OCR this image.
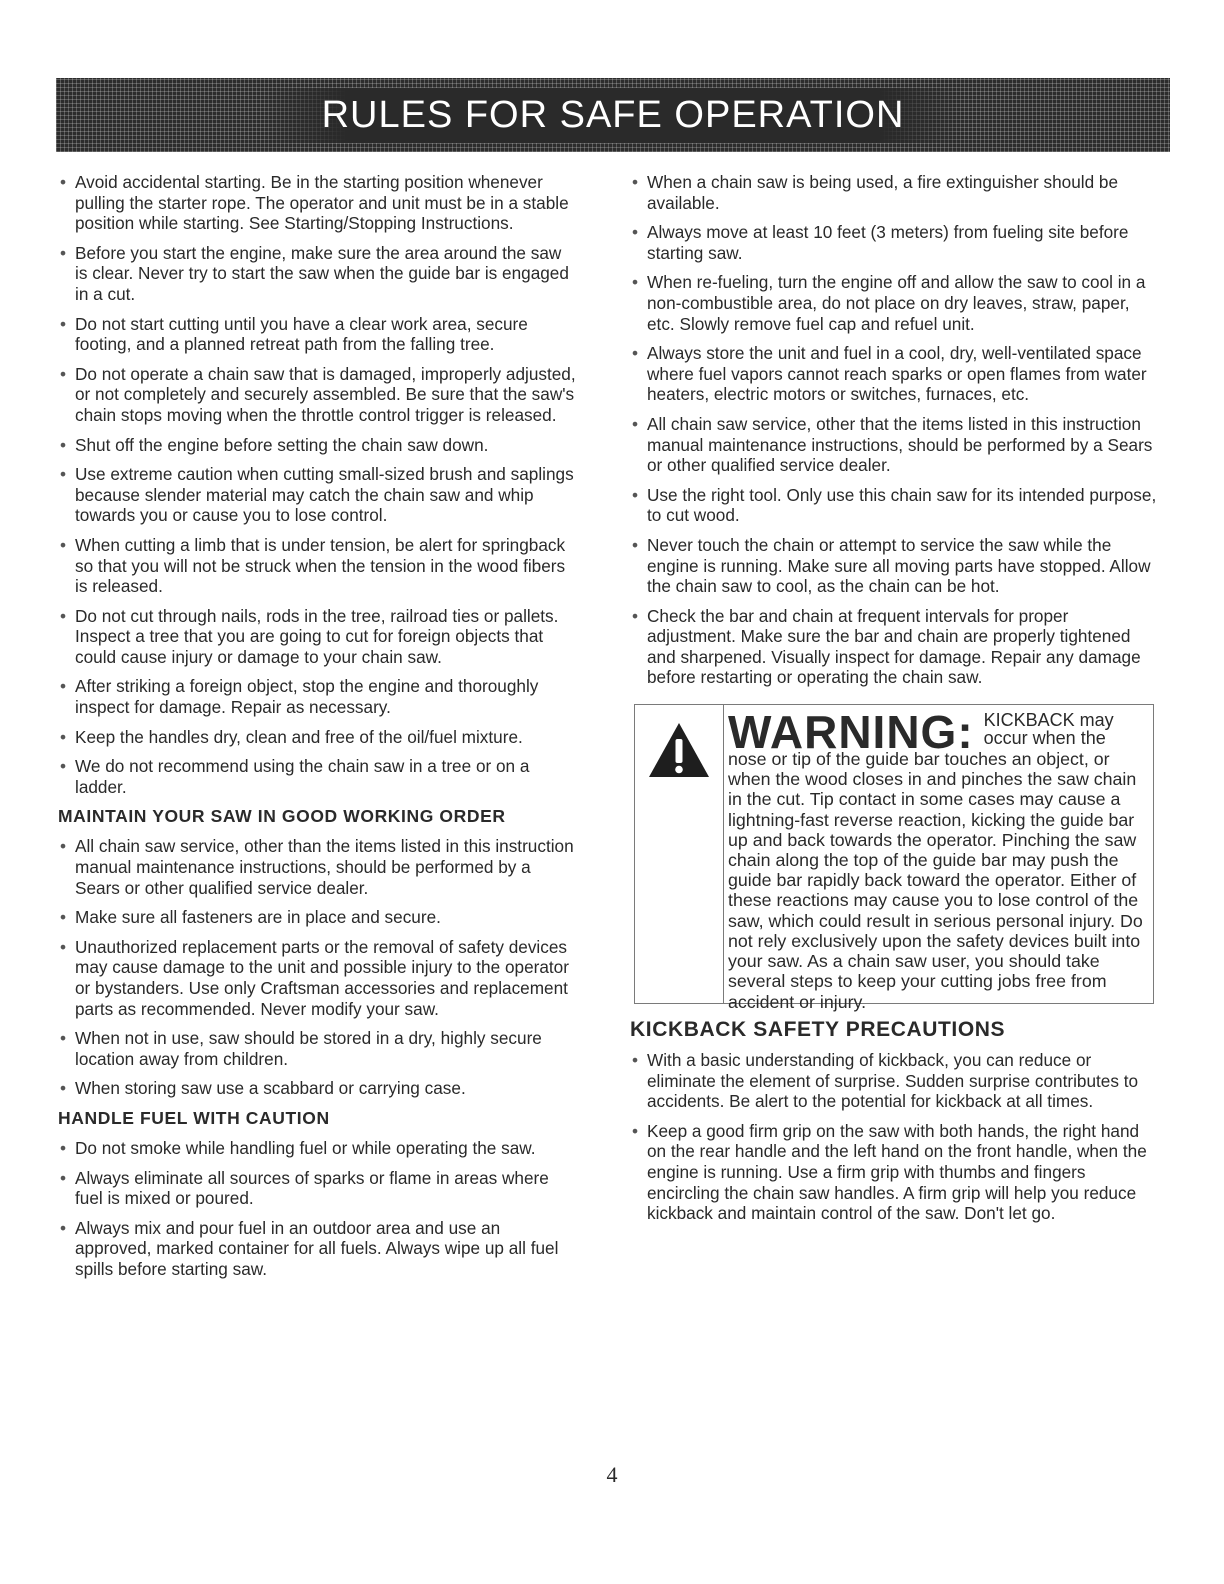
RULES FOR SAFE OPERATION
• Avoid accidental starting. Be in the starting position whenever pulling the starter rope. The operator and unit must be in a stable position while starting. See Starting/Stopping Instructions.
• Before you start the engine, make sure the area around the saw is clear. Never try to start the saw when the guide bar is engaged in a cut.
• Do not start cutting until you have a clear work area, secure footing, and a planned retreat path from the falling tree.
• Do not operate a chain saw that is damaged, improperly adjusted, or not completely and securely assembled. Be sure that the saw's chain stops moving when the throttle control trigger is released.
• Shut off the engine before setting the chain saw down.
• Use extreme caution when cutting small-sized brush and saplings because slender material may catch the chain saw and whip towards you or cause you to lose control.
• When cutting a limb that is under tension, be alert for springback so that you will not be struck when the tension in the wood fibers is released.
• Do not cut through nails, rods in the tree, railroad ties or pallets. Inspect a tree that you are going to cut for foreign objects that could cause injury or damage to your chain saw.
• After striking a foreign object, stop the engine and thoroughly inspect for damage. Repair as necessary.
• Keep the handles dry, clean and free of the oil/fuel mixture.
• We do not recommend using the chain saw in a tree or on a ladder.
MAINTAIN YOUR SAW IN GOOD WORKING ORDER
• All chain saw service, other than the items listed in this instruction manual maintenance instructions, should be performed by a Sears or other qualified service dealer.
• Make sure all fasteners are in place and secure.
• Unauthorized replacement parts or the removal of safety devices may cause damage to the unit and possible injury to the operator or bystanders. Use only Craftsman accessories and replacement parts as recommended. Never modify your saw.
• When not in use, saw should be stored in a dry, highly secure location away from children.
• When storing saw use a scabbard or carrying case.
HANDLE FUEL WITH CAUTION
• Do not smoke while handling fuel or while operating the saw.
• Always eliminate all sources of sparks or flame in areas where fuel is mixed or poured.
• Always mix and pour fuel in an outdoor area and use an approved, marked container for all fuels. Always wipe up all fuel spills before starting saw.
• When a chain saw is being used, a fire extinguisher should be available.
• Always move at least 10 feet (3 meters) from fueling site before starting saw.
• When re-fueling, turn the engine off and allow the saw to cool in a non-combustible area, do not place on dry leaves, straw, paper, etc. Slowly remove fuel cap and refuel unit.
• Always store the unit and fuel in a cool, dry, well-ventilated space where fuel vapors cannot reach sparks or open flames from water heaters, electric motors or switches, furnaces, etc.
• All chain saw service, other that the items listed in this instruction manual maintenance instructions, should be performed by a Sears or other qualified service dealer.
• Use the right tool. Only use this chain saw for its intended purpose, to cut wood.
• Never touch the chain or attempt to service the saw while the engine is running. Make sure all moving parts have stopped. Allow the chain saw to cool, as the chain can be hot.
• Check the bar and chain at frequent intervals for proper adjustment. Make sure the bar and chain are properly tightened and sharpened. Visually inspect for damage. Repair any damage before restarting or operating the chain saw.
WARNING: KICKBACK may occur when the
nose or tip of the guide bar touches an object, or when the wood closes in and pinches the saw chain in the cut. Tip contact in some cases may cause a lightning-fast reverse reaction, kicking the guide bar up and back towards the operator. Pinching the saw chain along the top of the guide bar may push the guide bar rapidly back toward the operator. Either of these reactions may cause you to lose control of the saw, which could result in serious personal injury. Do not rely exclusively upon the safety devices built into your saw. As a chain saw user, you should take several steps to keep your cutting jobs free from accident or injury.
KICKBACK SAFETY PRECAUTIONS
• With a basic understanding of kickback, you can reduce or eliminate the element of surprise. Sudden surprise contributes to accidents. Be alert to the potential for kickback at all times.
• Keep a good firm grip on the saw with both hands, the right hand on the rear handle and the left hand on the front handle, when the engine is running. Use a firm grip with thumbs and fingers encircling the chain saw handles. A firm grip will help you reduce kickback and maintain control of the saw. Don't let go.
4
